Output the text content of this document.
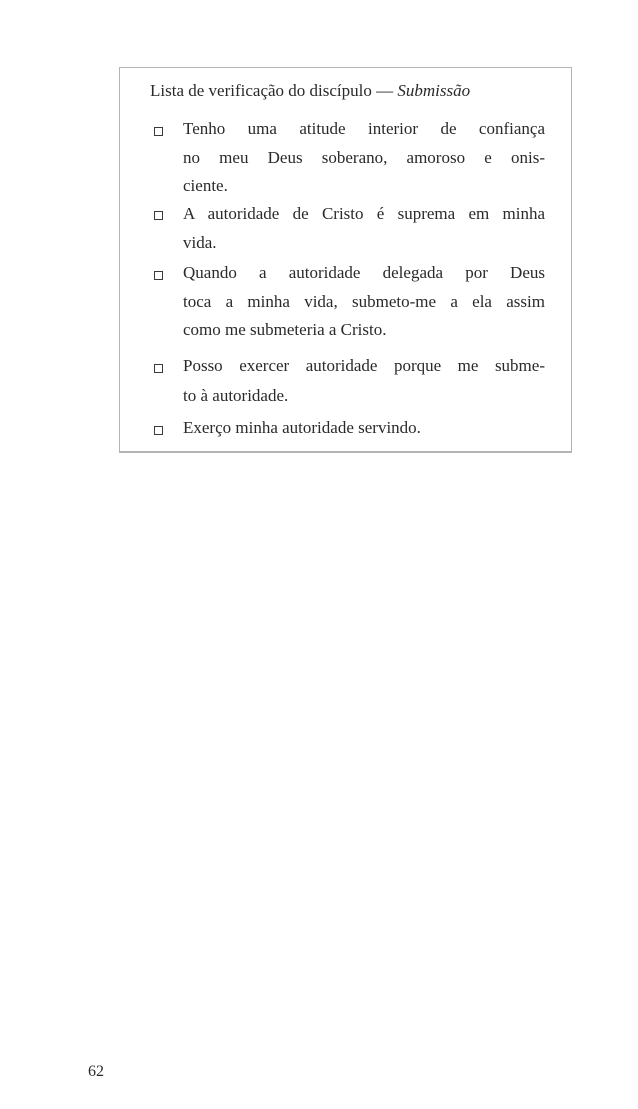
Lista de verificação do discípulo — Submissão
Tenho uma atitude interior de confiança
no meu Deus soberano, amoroso e onis-
ciente.
A autoridade de Cristo é suprema em minha
vida.
Quando a autoridade delegada por Deus
toca a minha vida, submeto-me a ela assim
como me submeteria a Cristo.
Posso exercer autoridade porque me subme-
to à autoridade.
Exerço minha autoridade servindo.
62
